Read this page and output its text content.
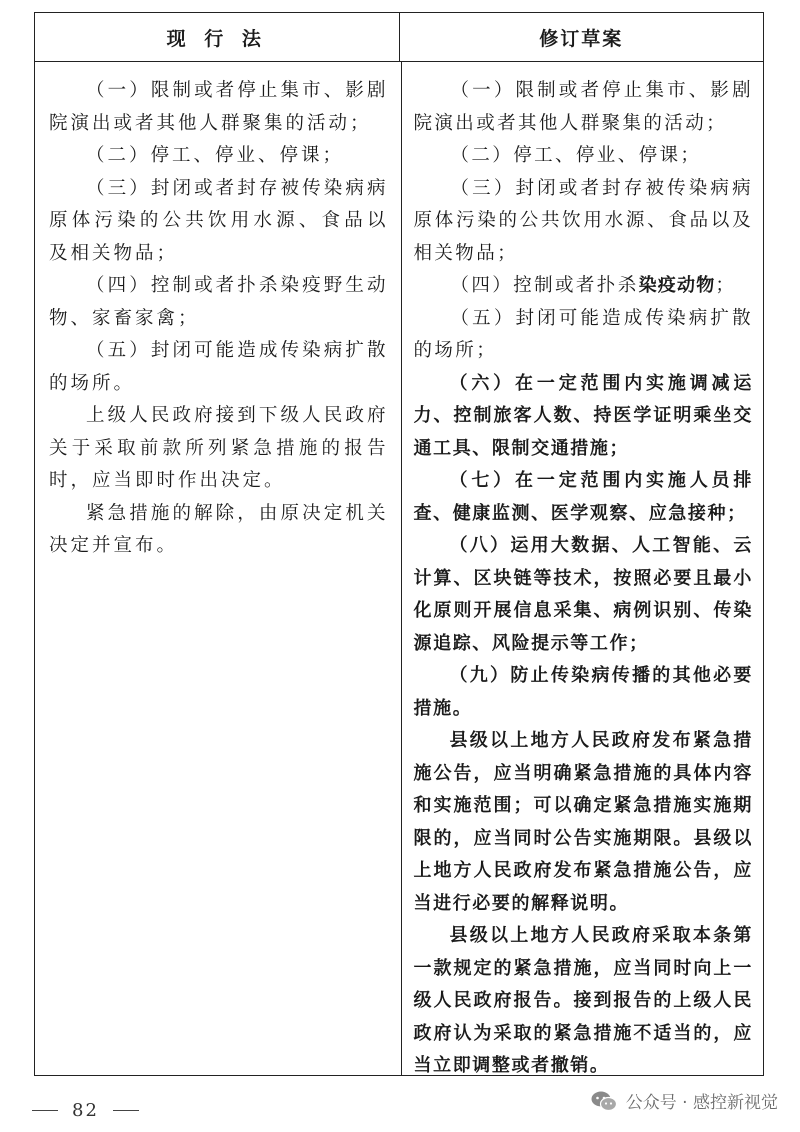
现 行 法	修订草案

（一）限制或者停止集市、影剧院演出或者其他人群聚集的活动；

（二）停工、停业、停课；

（三）封闭或者封存被传染病病原体污染的公共饮用水源、食品以及相关物品；

（四）控制或者扑杀染疫野生动物、家畜家禽；

（五）封闭可能造成传染病扩散的场所。

上级人民政府接到下级人民政府关于采取前款所列紧急措施的报告时，应当即时作出决定。

紧急措施的解除，由原决定机关决定并宣布。

（一）限制或者停止集市、影剧院演出或者其他人群聚集的活动；

（二）停工、停业、停课；

（三）封闭或者封存被传染病病原体污染的公共饮用水源、食品以及相关物品；

（四）控制或者扑杀染疫动物；

（五）封闭可能造成传染病扩散的场所；

（六）在一定范围内实施调减运力、控制旅客人数、持医学证明乘坐交通工具、限制交通措施；

（七）在一定范围内实施人员排查、健康监测、医学观察、应急接种；

（八）运用大数据、人工智能、云计算、区块链等技术，按照必要且最小化原则开展信息采集、病例识别、传染源追踪、风险提示等工作；

（九）防止传染病传播的其他必要措施。

县级以上地方人民政府发布紧急措施公告，应当明确紧急措施的具体内容和实施范围；可以确定紧急措施实施期限的，应当同时公告实施期限。县级以上地方人民政府发布紧急措施公告，应当进行必要的解释说明。

县级以上地方人民政府采取本条第一款规定的紧急措施，应当同时向上一级人民政府报告。接到报告的上级人民政府认为采取的紧急措施不适当的，应当立即调整或者撤销。

82	公众号 · 感控新视觉
